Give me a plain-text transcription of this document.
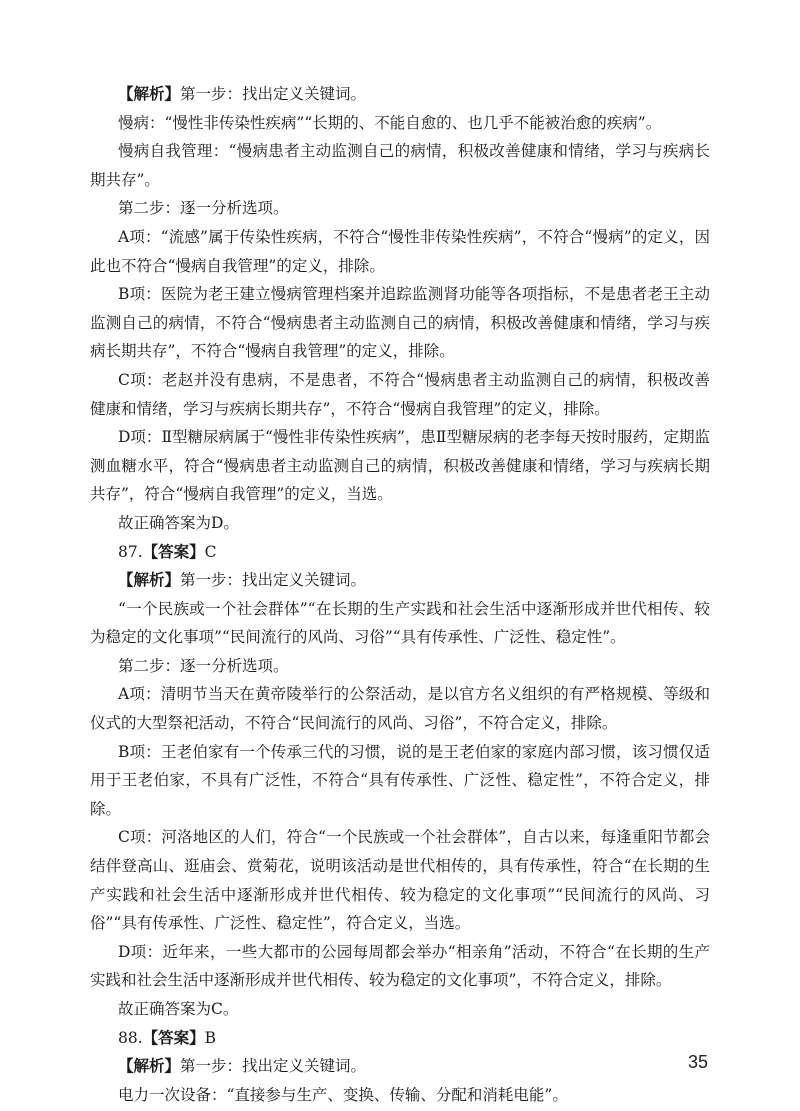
【解析】第一步：找出定义关键词。

慢病：“慢性非传染性疾病”“长期的、不能自愈的、也几乎不能被治愈的疾病”。

慢病自我管理：“慢病患者主动监测自己的病情，积极改善健康和情绪，学习与疾病长期共存”。

第二步：逐一分析选项。

A项：“流感”属于传染性疾病，不符合“慢性非传染性疾病”，不符合“慢病”的定义，因此也不符合“慢病自我管理”的定义，排除。

B项：医院为老王建立慢病管理档案并追踪监测肾功能等各项指标，不是患者老王主动监测自己的病情，不符合“慢病患者主动监测自己的病情，积极改善健康和情绪，学习与疾病长期共存”，不符合“慢病自我管理”的定义，排除。

C项：老赵并没有患病，不是患者，不符合“慢病患者主动监测自己的病情，积极改善健康和情绪，学习与疾病长期共存”，不符合“慢病自我管理”的定义，排除。

D项：Ⅱ型糖尿病属于“慢性非传染性疾病”，患Ⅱ型糖尿病的老李每天按时服药，定期监测血糖水平，符合“慢病患者主动监测自己的病情，积极改善健康和情绪，学习与疾病长期共存”，符合“慢病自我管理”的定义，当选。

故正确答案为D。

87.【答案】C

【解析】第一步：找出定义关键词。

“一个民族或一个社会群体”“在长期的生产实践和社会生活中逐渐形成并世代相传、较为稳定的文化事项”“民间流行的风尚、习俗”“具有传承性、广泛性、稳定性”。

第二步：逐一分析选项。

A项：清明节当天在黄帝陵举行的公祭活动，是以官方名义组织的有严格规模、等级和仪式的大型祭祀活动，不符合“民间流行的风尚、习俗”，不符合定义，排除。

B项：王老伯家有一个传承三代的习惯，说的是王老伯家的家庭内部习惯，该习惯仅适用于王老伯家，不具有广泛性，不符合“具有传承性、广泛性、稳定性”，不符合定义，排除。

C项：河洛地区的人们，符合“一个民族或一个社会群体”，自古以来，每逢重阳节都会结伴登高山、逛庙会、赏菊花，说明该活动是世代相传的，具有传承性，符合“在长期的生产实践和社会生活中逐渐形成并世代相传、较为稳定的文化事项”“民间流行的风尚、习俗”“具有传承性、广泛性、稳定性”，符合定义，当选。

D项：近年来，一些大都市的公园每周都会举办“相亲角”活动，不符合“在长期的生产实践和社会生活中逐渐形成并世代相传、较为稳定的文化事项”，不符合定义，排除。

故正确答案为C。

88.【答案】B

【解析】第一步：找出定义关键词。

电力一次设备：“直接参与生产、变换、传输、分配和消耗电能”。

35
